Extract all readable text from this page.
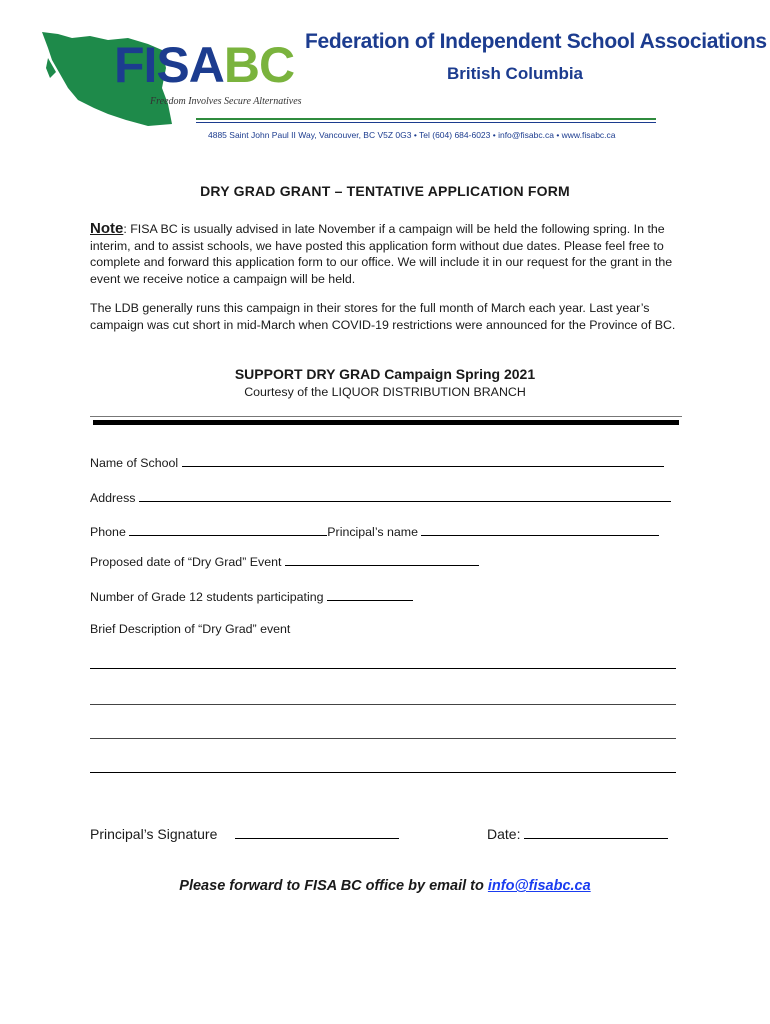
FISABC
Freedom Involves Secure Alternatives
Federation of Independent School Associations
British Columbia
4885 Saint John Paul II Way, Vancouver, BC V5Z 0G3 • Tel (604) 684-6023 • info@fisabc.ca • www.fisabc.ca
DRY GRAD GRANT – TENTATIVE APPLICATION FORM
Note: FISA BC is usually advised in late November if a campaign will be held the following spring. In the interim, and to assist schools, we have posted this application form without due dates. Please feel free to complete and forward this application form to our office. We will include it in our request for the grant in the event we receive notice a campaign will be held.
The LDB generally runs this campaign in their stores for the full month of March each year. Last year’s campaign was cut short in mid-March when COVID-19 restrictions were announced for the Province of BC.
SUPPORT DRY GRAD Campaign Spring 2021
Courtesy of the LIQUOR DISTRIBUTION BRANCH
Name of School
Address
Phone	Principal’s name
Proposed date of “Dry Grad” Event
Number of Grade 12 students participating
Brief Description of “Dry Grad” event
Principal’s Signature	Date:
Please forward to FISA BC office by email to info@fisabc.ca
